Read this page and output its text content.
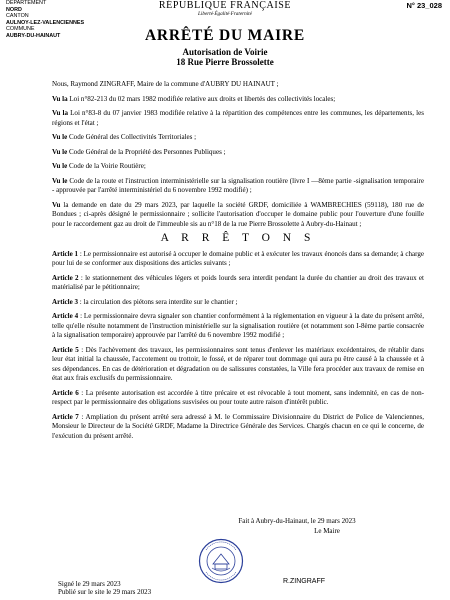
DÉPARTEMENT
NORD
CANTON
AULNOY-LEZ-VALENCIENNES
COMMUNE
AUBRY-DU-HAINAUT
RÉPUBLIQUE FRANÇAISE
Liberté·Égalité·Fraternité
N° 23_028
ARRÊTÉ DU MAIRE
Autorisation de Voirie
18 Rue Pierre Brossolette

Nous, Raymond ZINGRAFF, Maire de la commune d'AUBRY DU HAINAUT ;

Vu la Loi n°82-213 du 02 mars 1982 modifiée relative aux droits et libertés des collectivités locales;

Vu la Loi n°83-8 du 07 janvier 1983 modifiée relative à la répartition des compétences entre les communes, les départements, les régions et l'état ;

Vu le Code Général des Collectivités Territoriales ;

Vu le Code Général de la Propriété des Personnes Publiques ;

Vu le Code de la Voirie Routière;

Vu le Code de la route et l'instruction interministérielle sur la signalisation routière (livre I —8ème partie -signalisation temporaire - approuvée par l'arrêté interministériel du 6 novembre 1992 modifié) ;

Vu la demande en date du 29 mars 2023, par laquelle la société GRDF, domiciliée à WAMBRECHIES (59118), 180 rue de Bondues ; ci-après désigné le permissionnaire ; sollicite l'autorisation d'occuper le domaine public pour l'ouverture d'une fouille pour le raccordement gaz au droit de l'immeuble sis au n°18 de la rue Pierre Brossolette à Aubry-du-Hainaut ;

A R R Ê T O N S

Article 1 : Le permissionnaire est autorisé à occuper le domaine public et à exécuter les travaux énoncés dans sa demande; à charge pour lui de se conformer aux dispositions des articles suivants ;

Article 2 : le stationnement des véhicules légers et poids lourds sera interdit pendant la durée du chantier au droit des travaux et matérialisé par le pétitionnaire;

Article 3 : la circulation des piétons sera interdite sur le chantier ;

Article 4 : Le permissionnaire devra signaler son chantier conformément à la réglementation en vigueur à la date du présent arrêté, telle qu'elle résulte notamment de l'instruction ministérielle sur la signalisation routière (et notamment son I-8ème partie consacrée à la signalisation temporaire) approuvée par l'arrêté du 6 novembre 1992 modifié ;

Article 5 : Dès l'achèvement des travaux, les permissionnaires sont tenus d'enlever les matériaux excédentaires, de rétablir dans leur état initial la chaussée, l'accotement ou trottoir, le fossé, et de réparer tout dommage qui aura pu être causé à la chaussée et à ses dépendances. En cas de détérioration et dégradation ou de salissures constatées, la Ville fera procéder aux travaux de remise en état aux frais exclusifs du permissionnaire.

Article 6 : La présente autorisation est accordée à titre précaire et est révocable à tout moment, sans indemnité, en cas de non-respect par le permissionnaire des obligations susvisées ou pour toute autre raison d'intérêt public.

Article 7 : Ampliation du présent arrêté sera adressé à M. le Commissaire Divisionnaire du District de Police de Valenciennes, Monsieur le Directeur de la Société GRDF, Madame la Directrice Générale des Services. Chargés chacun en ce qui le concerne, de l'exécution du présent arrêté.

Fait à Aubry-du-Hainaut, le 29 mars 2023
Le Maire
Signé le 29 mars 2023
Publié sur le site le 29 mars 2023
R.ZINGRAFF
